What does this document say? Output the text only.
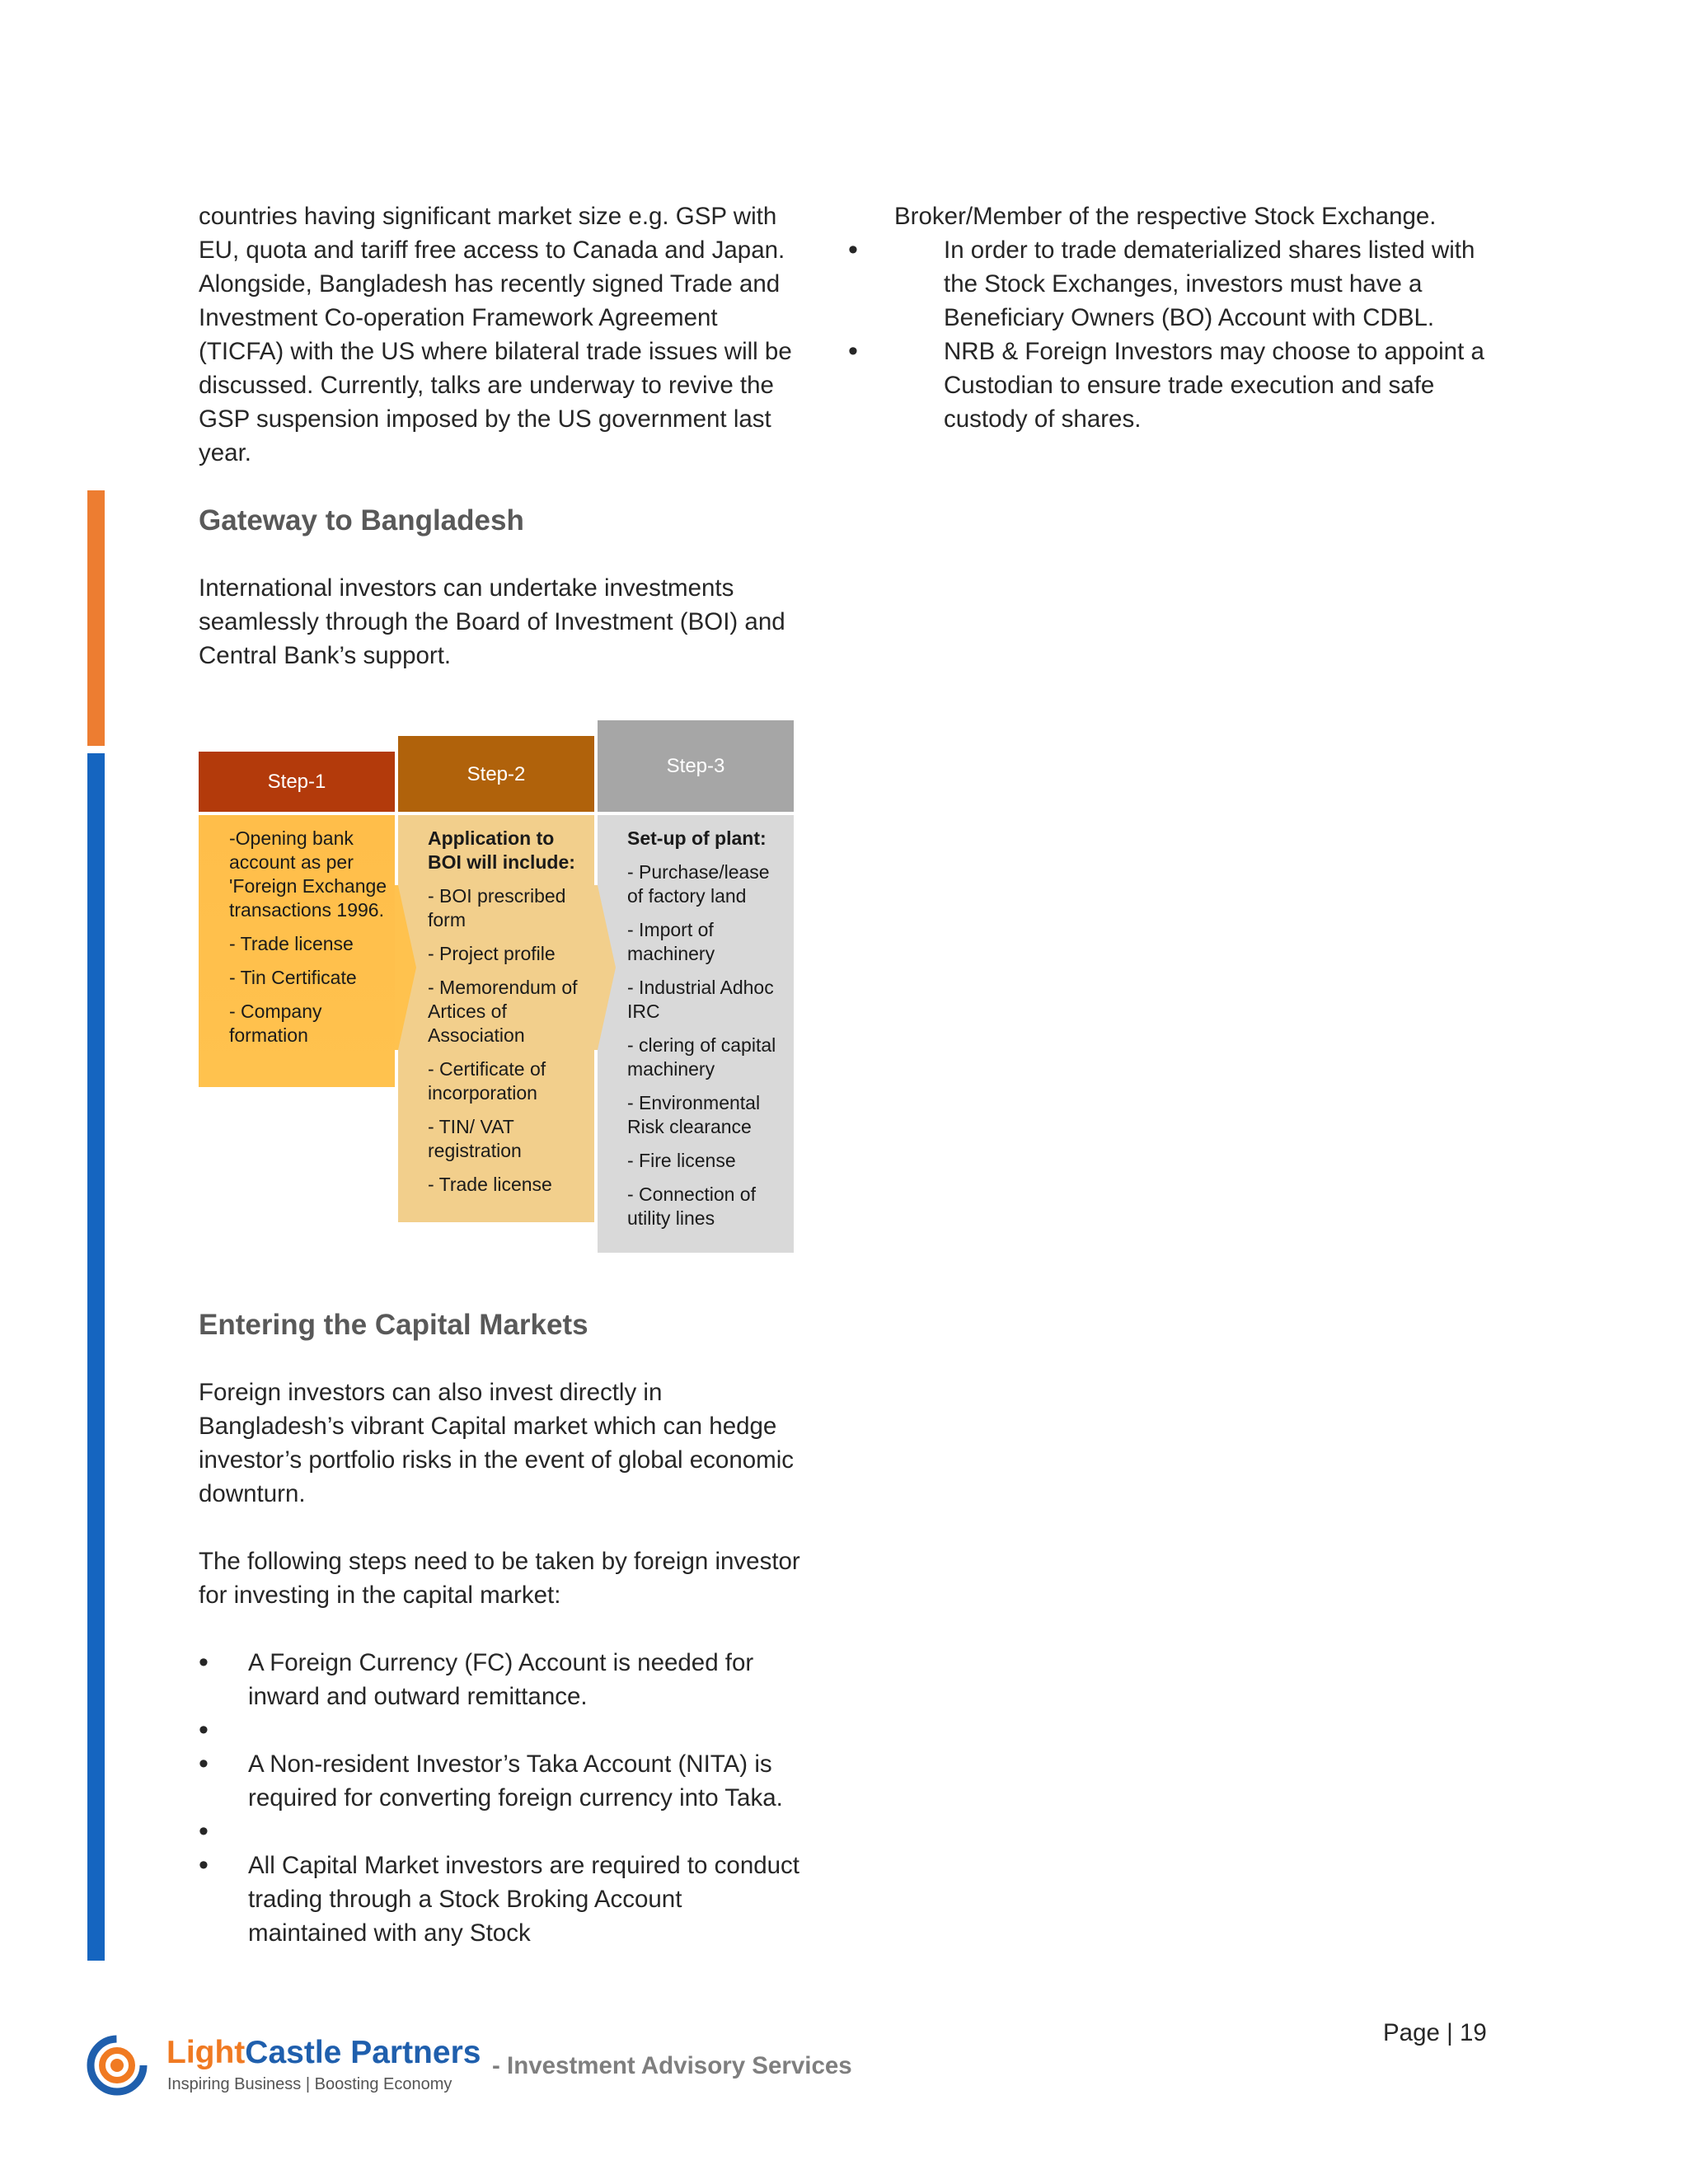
countries having significant market size e.g. GSP with EU, quota and tariff free access to Canada and Japan. Alongside, Bangladesh has recently signed Trade and Investment Co-operation Framework Agreement (TICFA) with the US where bilateral trade issues will be discussed. Currently, talks are underway to revive the GSP suspension imposed by the US government last year.

Gateway to Bangladesh

International investors can undertake investments seamlessly through the Board of Investment (BOI) and Central Bank’s support.

Step-1	Step-2	Step-3
-Opening bank account as per 'Foreign Exchange transactions 1996.
- Trade license
- Tin Certificate
- Company formation
Application to BOI will include:
- BOI prescribed form
- Project profile
- Memorendum of Artices of Association
- Certificate of incorporation
- TIN/ VAT registration
- Trade license
Set-up of plant:
- Purchase/lease of factory land
- Import of machinery
- Industrial Adhoc IRC
- clering of capital machinery
- Environmental Risk clearance
- Fire license
- Connection of utility lines
Entering the Capital Markets

Foreign investors can also invest directly in Bangladesh’s vibrant Capital market which can hedge investor’s portfolio risks in the event of global economic downturn.

The following steps need to be taken by foreign investor for investing in the capital market:

• A Foreign Currency (FC) Account is needed for inward and outward remittance.
•
• A Non-resident Investor’s Taka Account (NITA) is required for converting foreign currency into Taka.
•
• All Capital Market investors are required to conduct trading through a Stock Broking Account maintained with any Stock

Broker/Member of the respective Stock Exchange.

• In order to trade dematerialized shares listed with the Stock Exchanges, investors must have a Beneficiary Owners (BO) Account with CDBL.
• NRB & Foreign Investors may choose to appoint a Custodian to ensure trade execution and safe custody of shares.
LightCastle Partners
Inspiring Business | Boosting Economy
- Investment Advisory Services
Page | 19
